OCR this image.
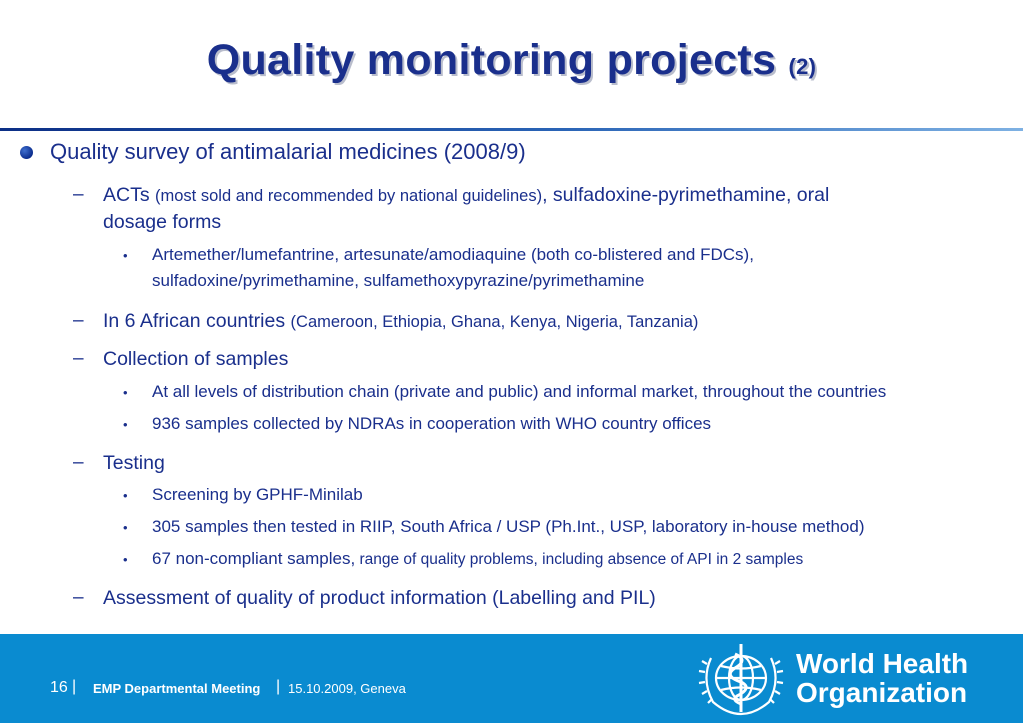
Quality monitoring projects (2)
Quality survey of antimalarial medicines (2008/9)
– ACTs (most sold and recommended by national guidelines), sulfadoxine-pyrimethamine, oral
dosage forms
• Artemether/lumefantrine, artesunate/amodiaquine (both co-blistered and FDCs),
sulfadoxine/pyrimethamine, sulfamethoxypyrazine/pyrimethamine
– In 6 African countries (Cameroon, Ethiopia, Ghana, Kenya, Nigeria, Tanzania)
– Collection of samples
• At all levels of distribution chain (private and public) and informal market, throughout the countries
• 936 samples collected by NDRAs in cooperation with WHO country offices
– Testing
• Screening by GPHF-Minilab
• 305 samples then tested in RIIP, South Africa / USP (Ph.Int., USP, laboratory in-house method)
• 67 non-compliant samples, range of quality problems, including absence of API in 2 samples
– Assessment of quality of product information (Labelling and PIL)
16 | EMP Departmental Meeting | 15.10.2009, Geneva
World Health
Organization
